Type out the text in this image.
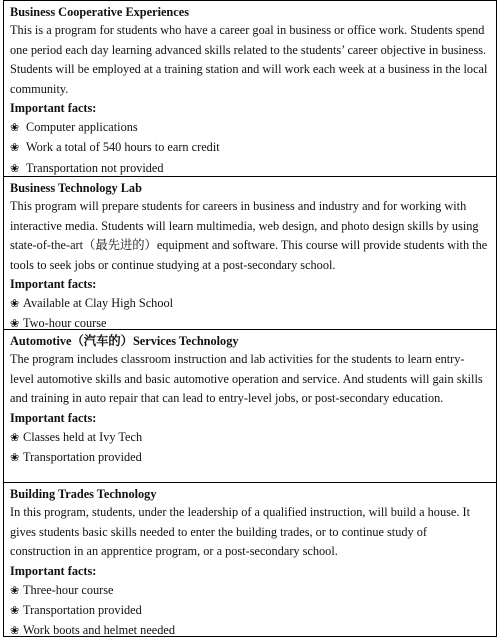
Business Cooperative Experiences
This is a program for students who have a career goal in business or office work. Students spend one period each day learning advanced skills related to the students’ career objective in business. Students will be employed at a training station and will work each week at a business in the local community.
Important facts:
❀ Computer applications
❀ Work a total of 540 hours to earn credit
❀ Transportation not provided
Business Technology Lab
This program will prepare students for careers in business and industry and for working with interactive media. Students will learn multimedia, web design, and photo design skills by using state-of-the-art（最先进的）equipment and software. This course will provide students with the tools to seek jobs or continue studying at a post-secondary school.
Important facts:
❀ Available at Clay High School
❀ Two-hour course
Automotive（汽车的）Services Technology
The program includes classroom instruction and lab activities for the students to learn entry-level automotive skills and basic automotive operation and service. And students will gain skills and training in auto repair that can lead to entry-level jobs, or post-secondary education.
Important facts:
❀ Classes held at Ivy Tech
❀ Transportation provided
Building Trades Technology
In this program, students, under the leadership of a qualified instruction, will build a house. It gives students basic skills needed to enter the building trades, or to continue study of construction in an apprentice program, or a post-secondary school.
Important facts:
❀ Three-hour course
❀ Transportation provided
❀ Work boots and helmet needed
